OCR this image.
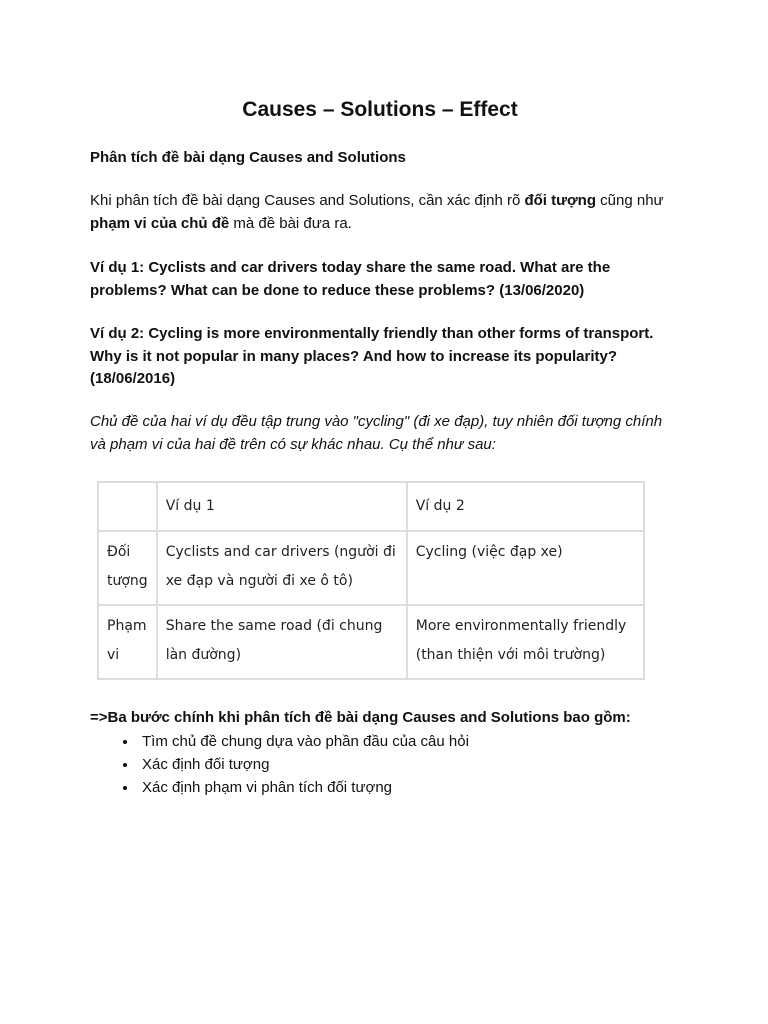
Causes – Solutions – Effect

Phân tích đề bài dạng Causes and Solutions

Khi phân tích đề bài dạng Causes and Solutions, cần xác định rõ đối tượng cũng như phạm vi của chủ đề mà đề bài đưa ra.

Ví dụ 1: Cyclists and car drivers today share the same road. What are the problems? What can be done to reduce these problems? (13/06/2020)

Ví dụ 2: Cycling is more environmentally friendly than other forms of transport. Why is it not popular in many places? And how to increase its popularity? (18/06/2016)

Chủ đề của hai ví dụ đều tập trung vào "cycling" (đi xe đạp), tuy nhiên đối tượng chính và phạm vi của hai đề trên có sự khác nhau. Cụ thể như sau:

	Ví dụ 1	Ví dụ 2
Đối tượng	Cyclists and car drivers (người đi xe đạp và người đi xe ô tô)	Cycling (việc đạp xe)
Phạm vi	Share the same road (đi chung làn đường)	More environmentally friendly (than thiện với môi trường)

=>Ba bước chính khi phân tích đề bài dạng Causes and Solutions bao gồm:

• Tìm chủ đề chung dựa vào phần đầu của câu hỏi
• Xác định đối tượng
• Xác định phạm vi phân tích đối tượng
